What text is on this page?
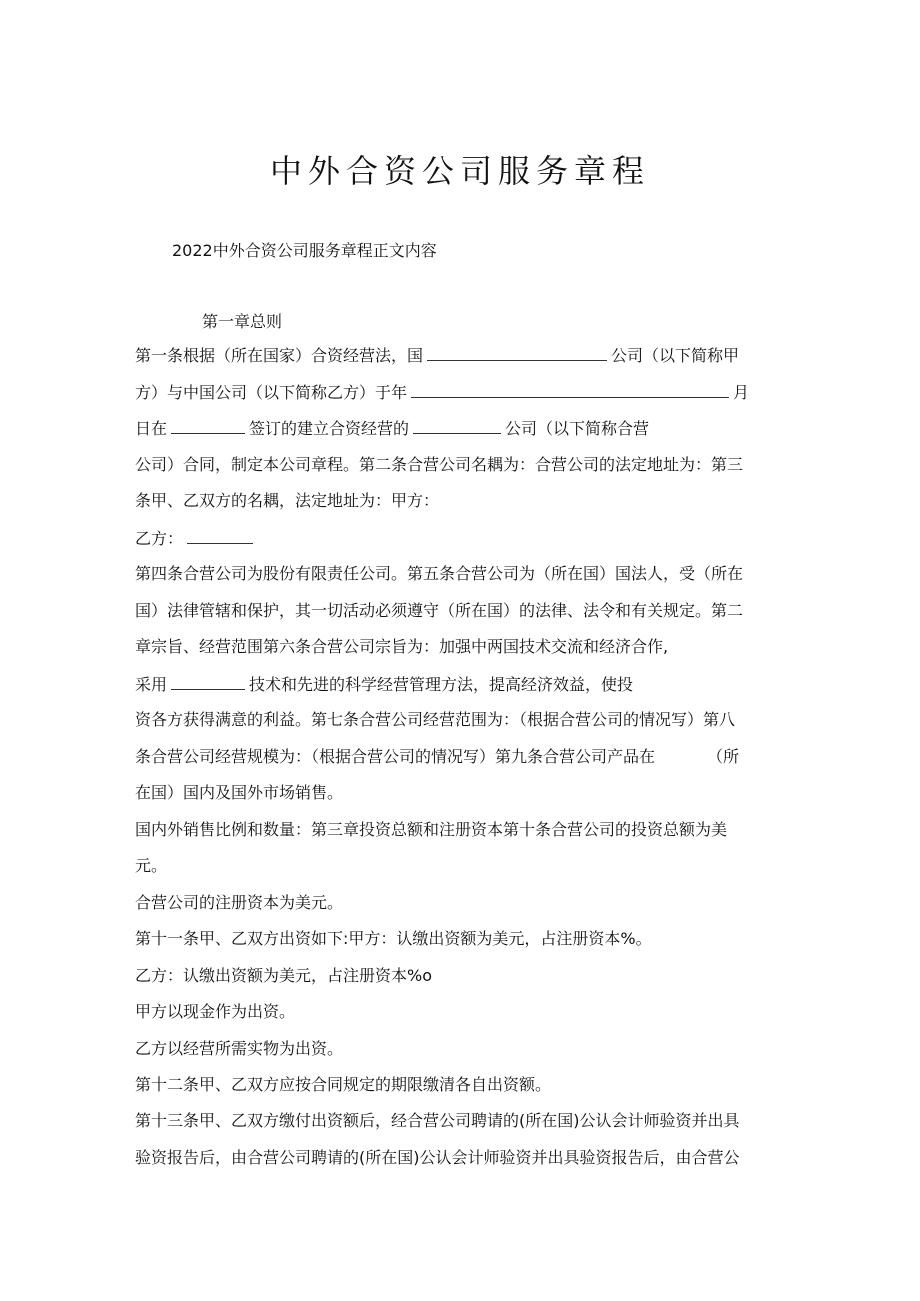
中外合资公司服务章程

2022中外合资公司服务章程正文内容

第一章总则

第一条根据（所在国家）合资经营法，国	公司（以下简称甲

方）与中国公司（以下简称乙方）于年	月

日在	签订的建立合资经营的	公司（以下简称合营

公司）合同，制定本公司章程。第二条合营公司名耦为：合营公司的法定地址为：第三

条甲、乙双方的名耦，法定地址为：甲方：

乙方：

第四条合营公司为股份有限责任公司。第五条合营公司为（所在国）国法人，受（所在

国）法律管辖和保护，其一切活动必须遵守（所在国）的法律、法令和有关规定。第二

章宗旨、经营范围第六条合营公司宗旨为：加强中两国技术交流和经济合作,

采用	技术和先进的科学经营管理方法，提高经济效益，使投

资各方获得满意的利益。第七条合营公司经营范围为：（根据合营公司的情况写）第八

条合营公司经营规模为：（根据合营公司的情况写）第九条合营公司产品在	（所

在国）国内及国外市场销售。

国内外销售比例和数量：第三章投资总额和注册资本第十条合营公司的投资总额为美

元。

合营公司的注册资本为美元。

第十一条甲、乙双方出资如下:甲方：认缴出资额为美元，占注册资本%。

乙方：认缴出资额为美元，占注册资本%o

甲方以现金作为出资。

乙方以经营所需实物为出资。

第十二条甲、乙双方应按合同规定的期限缴清各自出资额。

第十三条甲、乙双方缴付出资额后，经合营公司聘请的(所在国)公认会计师验资并出具

验资报告后，由合营公司聘请的(所在国)公认会计师验资并出具验资报告后，由合营公
